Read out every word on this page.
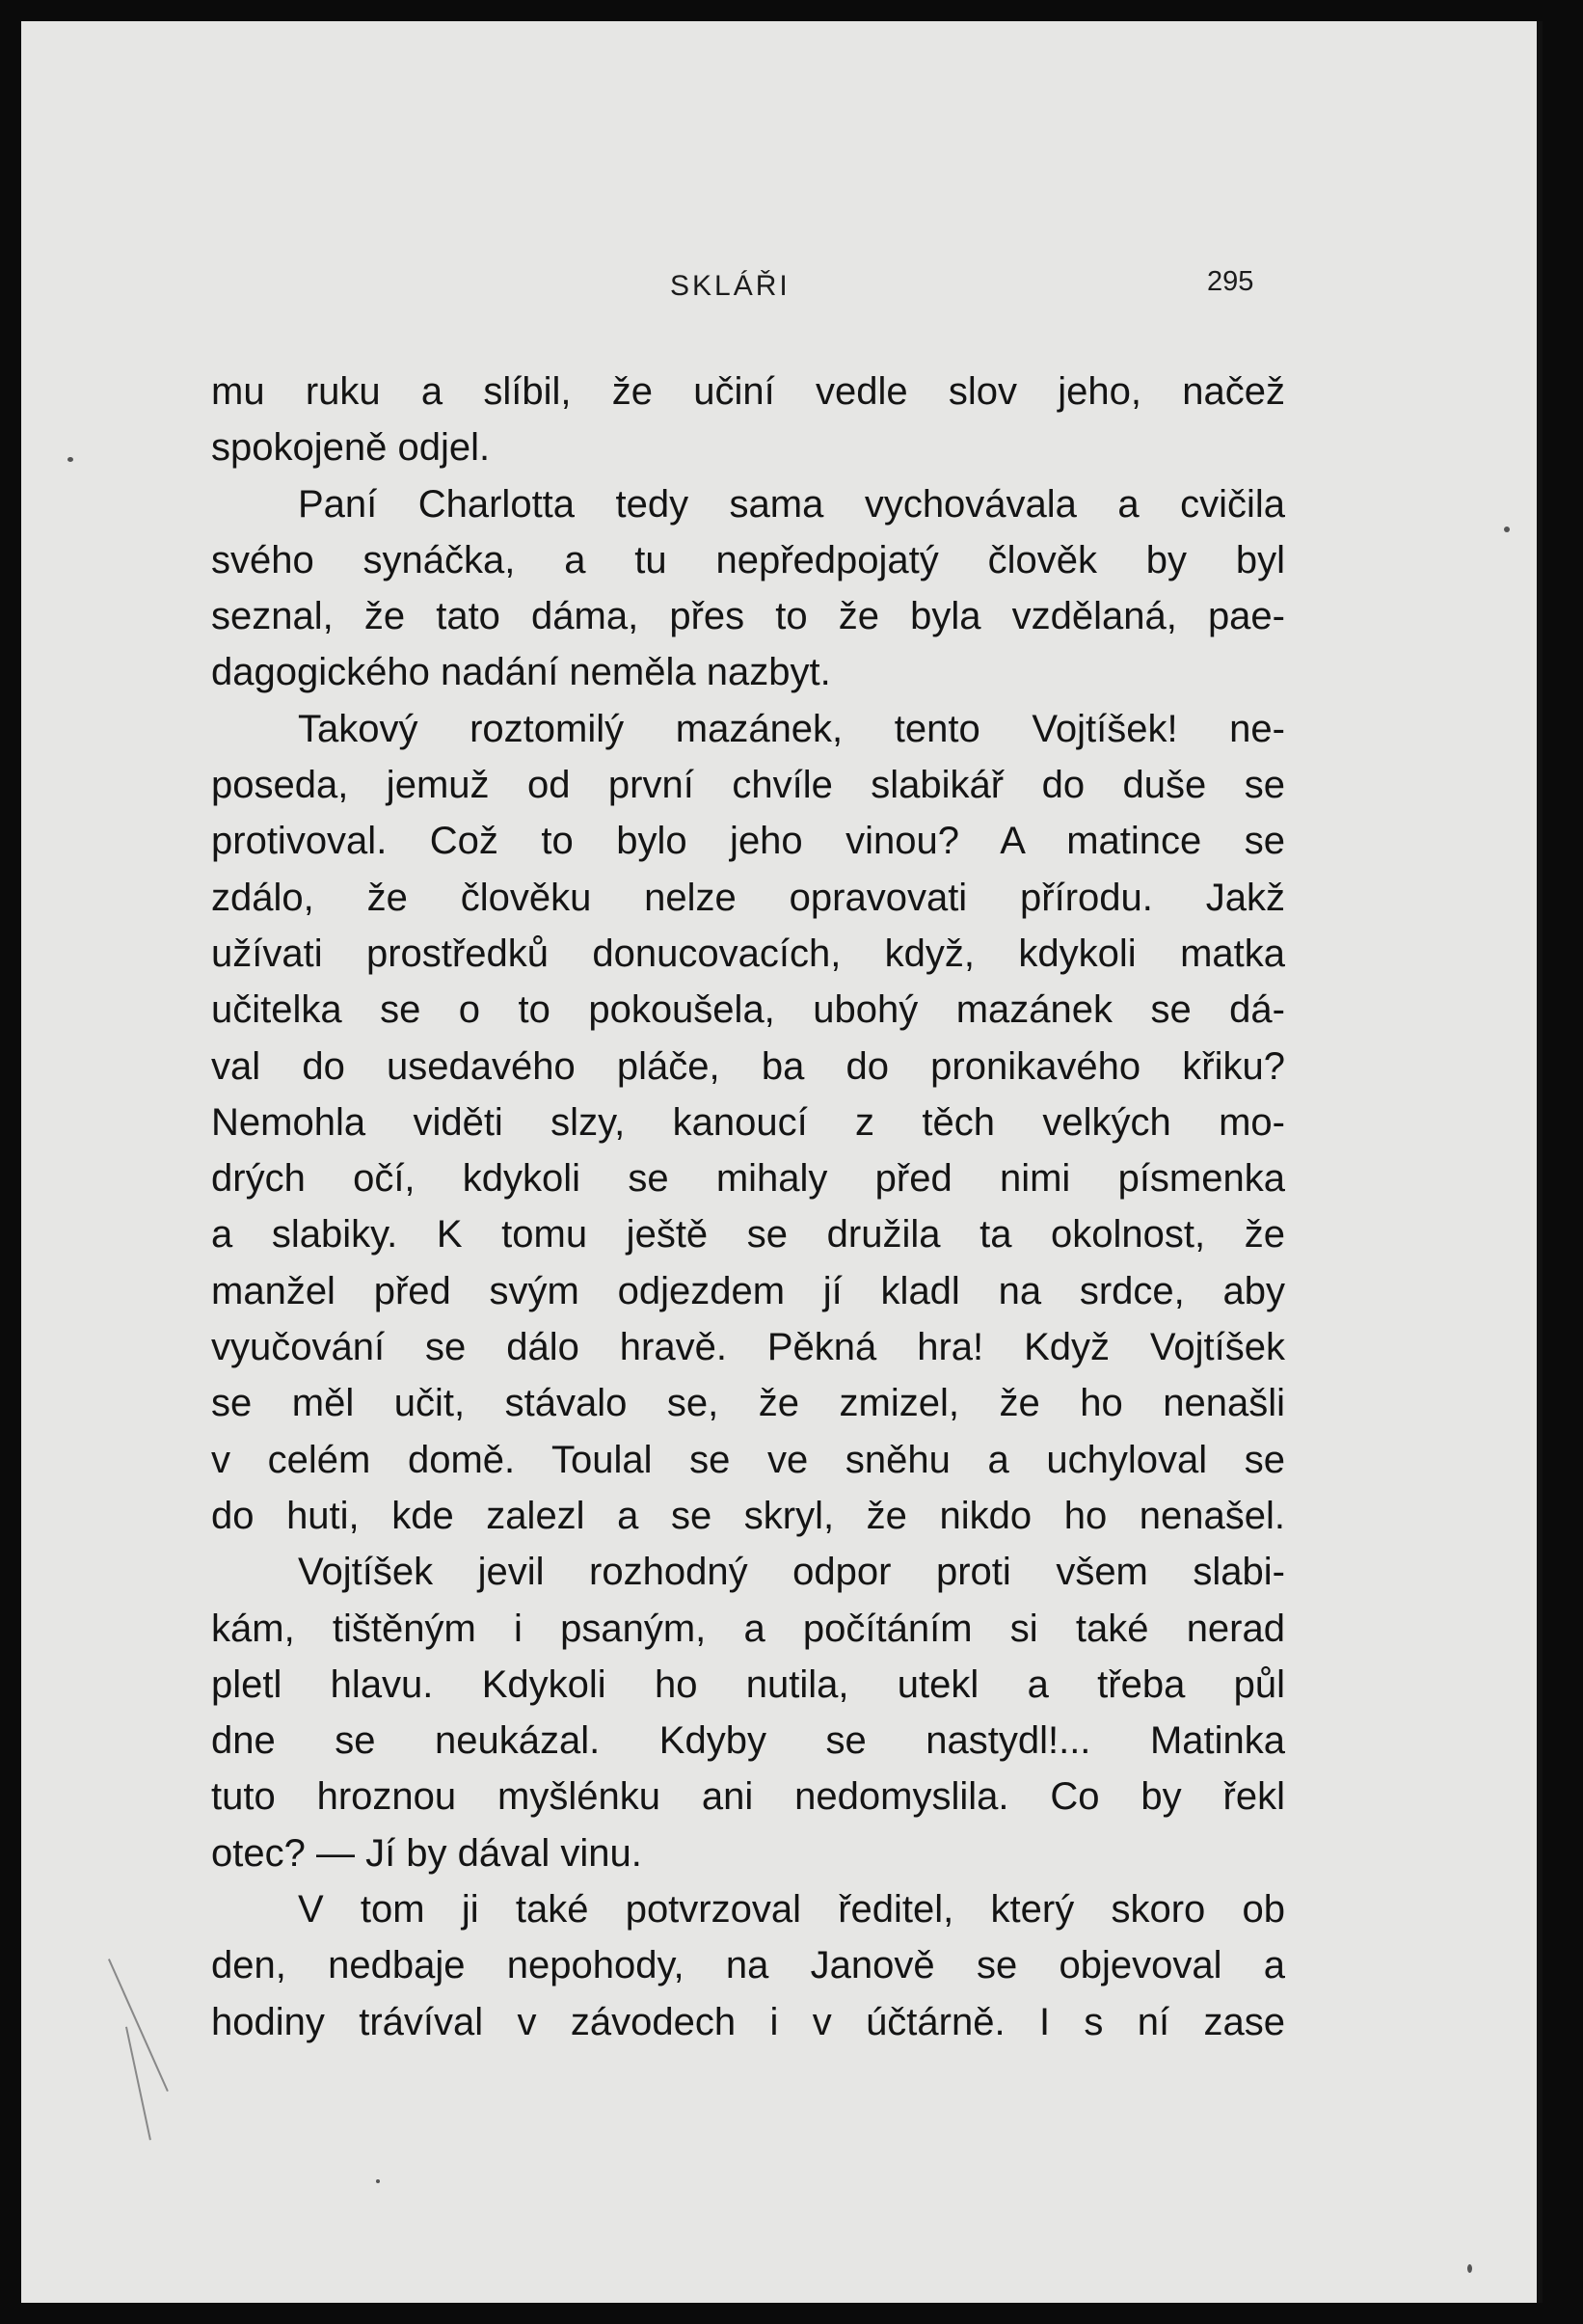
SKLÁŘI	295
mu ruku a slíbil, že učiní vedle slov jeho, načež
spokojeně odjel.
Paní Charlotta tedy sama vychovávala a cvičila
svého synáčka, a tu nepředpojatý člověk by byl
seznal, že tato dáma, přes to že byla vzdělaná, pae-
dagogického nadání neměla nazbyt.
Takový roztomilý mazánek, tento Vojtíšek! ne-
poseda, jemuž od první chvíle slabikář do duše se
protivoval. Což to bylo jeho vinou? A matince se
zdálo, že člověku nelze opravovati přírodu. Jakž
užívati prostředků donucovacích, když, kdykoli matka
učitelka se o to pokoušela, ubohý mazánek se dá-
val do usedavého pláče, ba do pronikavého křiku?
Nemohla viděti slzy, kanoucí z těch velkých mo-
drých očí, kdykoli se mihaly před nimi písmenka
a slabiky. K tomu ještě se družila ta okolnost, že
manžel před svým odjezdem jí kladl na srdce, aby
vyučování se dálo hravě. Pěkná hra! Když Vojtíšek
se měl učit, stávalo se, že zmizel, že ho nenašli
v celém domě. Toulal se ve sněhu a uchyloval se
do huti, kde zalezl a se skryl, že nikdo ho nenašel.
Vojtíšek jevil rozhodný odpor proti všem slabi-
kám, tištěným i psaným, a počítáním si také nerad
pletl hlavu. Kdykoli ho nutila, utekl a třeba půl
dne se neukázal. Kdyby se nastydl!... Matinka
tuto hroznou myšlénku ani nedomyslila. Co by řekl
otec? — Jí by dával vinu.
V tom ji také potvrzoval ředitel, který skoro ob
den, nedbaje nepohody, na Janově se objevoval a
hodiny trávíval v závodech i v účtárně. I s ní zase
